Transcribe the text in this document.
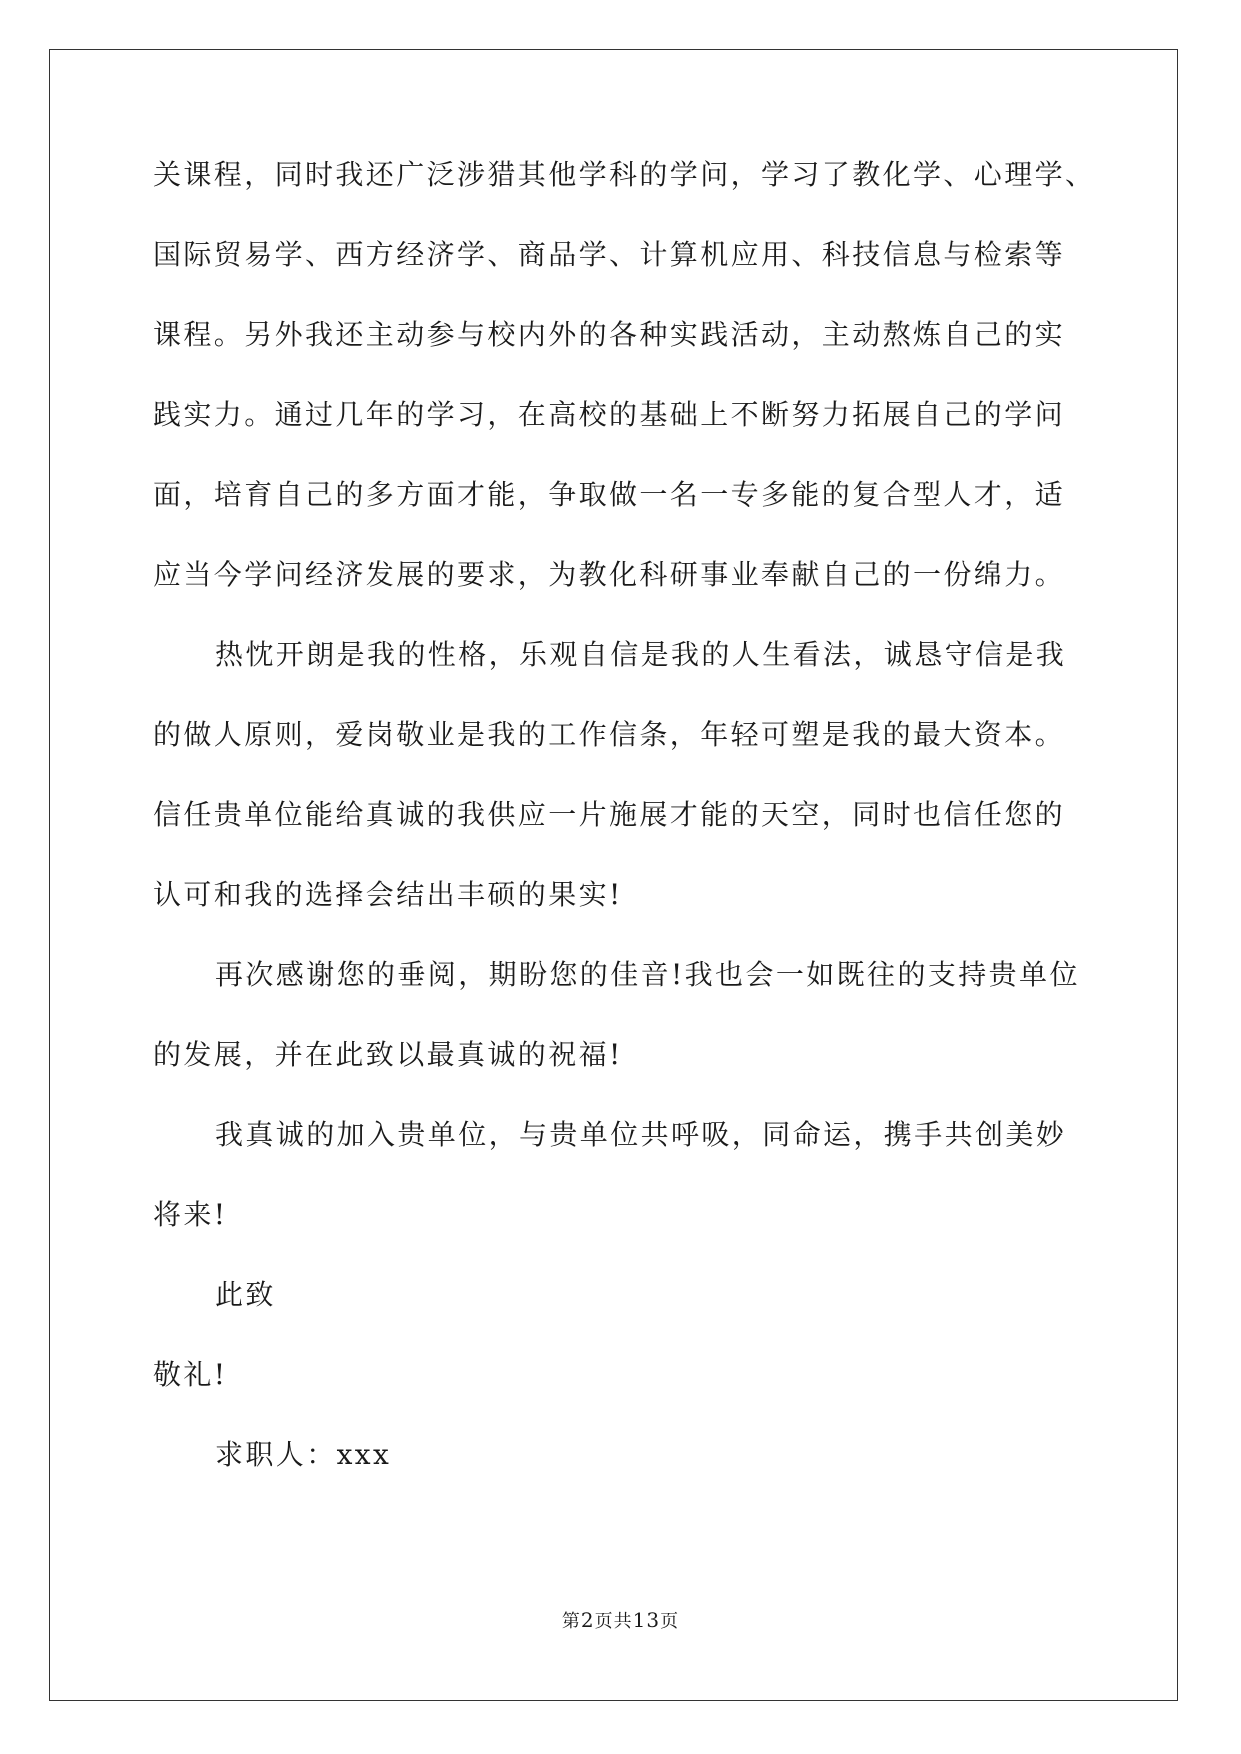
关课程，同时我还广泛涉猎其他学科的学问，学习了教化学、心理学、
国际贸易学、西方经济学、商品学、计算机应用、科技信息与检索等
课程。另外我还主动参与校内外的各种实践活动，主动熬炼自己的实
践实力。通过几年的学习，在高校的基础上不断努力拓展自己的学问
面，培育自己的多方面才能，争取做一名一专多能的复合型人才，适
应当今学问经济发展的要求，为教化科研事业奉献自己的一份绵力。
热忱开朗是我的性格，乐观自信是我的人生看法，诚恳守信是我
的做人原则，爱岗敬业是我的工作信条，年轻可塑是我的最大资本。
信任贵单位能给真诚的我供应一片施展才能的天空，同时也信任您的
认可和我的选择会结出丰硕的果实!
再次感谢您的垂阅，期盼您的佳音!我也会一如既往的支持贵单位
的发展，并在此致以最真诚的祝福!
我真诚的加入贵单位，与贵单位共呼吸，同命运，携手共创美妙
将来!
此致
敬礼!
求职人：xxx
第2页共13页
